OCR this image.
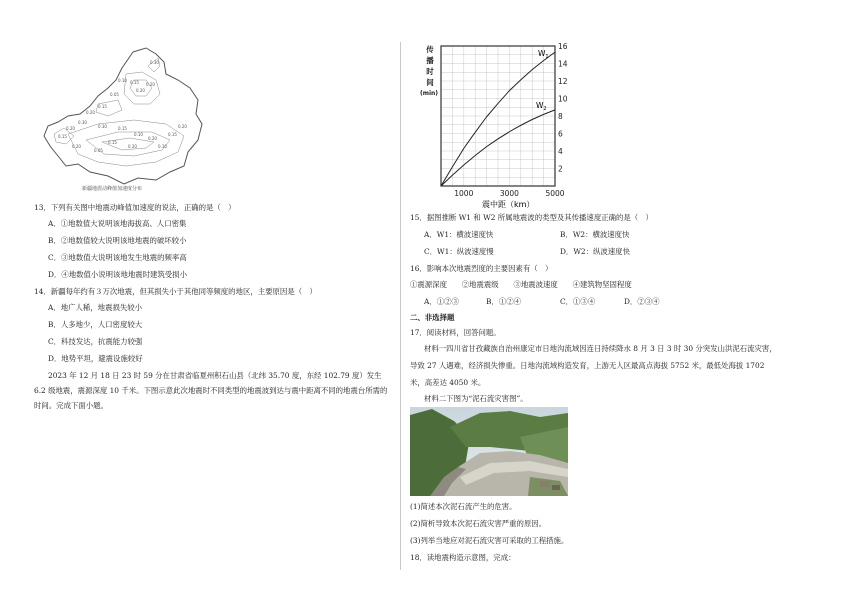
0.30
0.20
0.20
0.15
0.10
0.05
0.15
0.20
0.30
0.20
0.15
0.30	0.15
0.10
0.20
0.15
0.20
0.05
0.10
0.15
0.20
0.20
新疆地震动峰值加速度分布
13．下列有关图中地震动峰值加速度的说法，正确的是（　）
A．①地数值大说明该地海拔高、人口密集
B．②地数值较大说明该地地震的破坏较小
C．③地数值大说明该地发生地震的频率高
D．④地数值小说明该地地震时建筑受损小
14．新疆每年约有３万次地震，但其损失小于其他同等频度的地区，主要原因是（　）
A．地广人稀，地震损失较小
B．人多地少，人口密度较大
C．科技发达，抗震能力较强
D．地势平坦，避震设施较好
2023 年 12 月 18 日 23 时 59 分在甘肃省临夏州积石山县（北纬 35.70 度，东经 102.79 度）发生 6.2 级地震，震源深度 10 千米。下图示意此次地震时不同类型的地震波到达与震中距离不同的地震台所需的时间。完成下面小题。
传
播
时
间
(min)
16
14
12
10
8
6
4
2
1000	3000	5000
$W_1$
$W_2$
震中距（km）
15．据图推断 W1 和 W2 所属地震波的类型及其传播速度正确的是（　）
A．W1：横波速度快	B．W2：横波速度快
C．W1：纵波速度慢	D．W2：纵波速度快
16．影响本次地震烈度的主要因素有（　）
①震源深度　　②地震震级　　③地震波速度　　④建筑物坚固程度
A．①②③	B．①②④	C．①③④	D．②③④
二、非选择题
17．阅读材料，回答问题。
材料一四川省甘孜藏族自治州康定市日地沟流域因连日持续降水 8 月 3 日 3 时 30 分突发山洪泥石流灾害，导致 27 人遇难，经济损失惨重。日地沟流域构造发育，上游无人区最高点海拔 5752 米，最低处海拔 1702 米，高差达 4050 米。
材料二下图为“泥石流灾害图”。
(1)简述本次泥石流产生的危害。
(2)简析导致本次泥石流灾害严重的原因。
(3)列举当地应对泥石流灾害可采取的工程措施。
18．读地震构造示意图，完成：
